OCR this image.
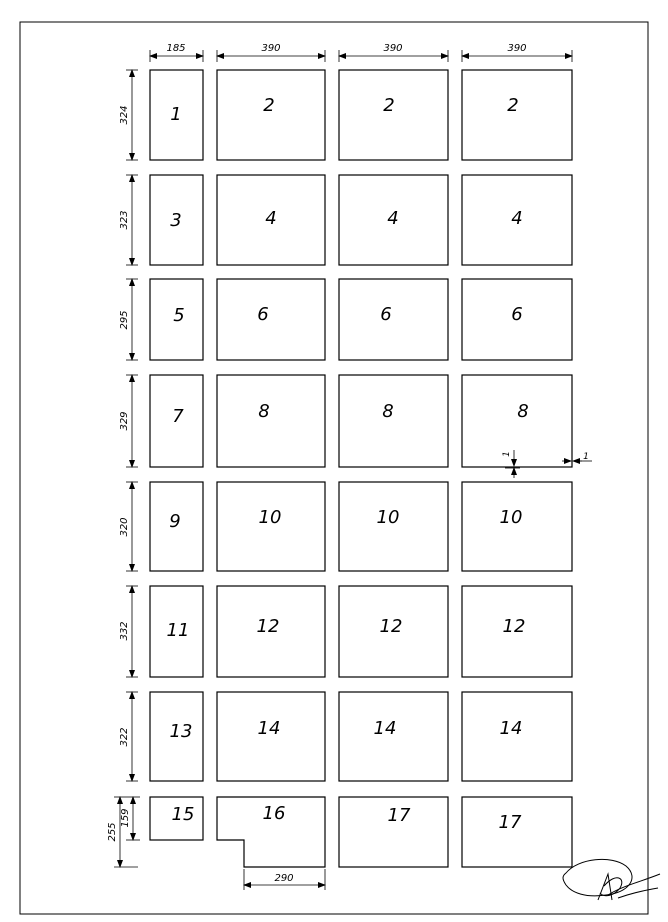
185	390	390	390
324 1	2	2	2
323 3	4	4	4
295 5	6	6	6
329 7	8	8	8
1	1
320 9	10	10	10
332 11	12	12	12
322 13	14	14	14
255
159 15	16	17	17
290
